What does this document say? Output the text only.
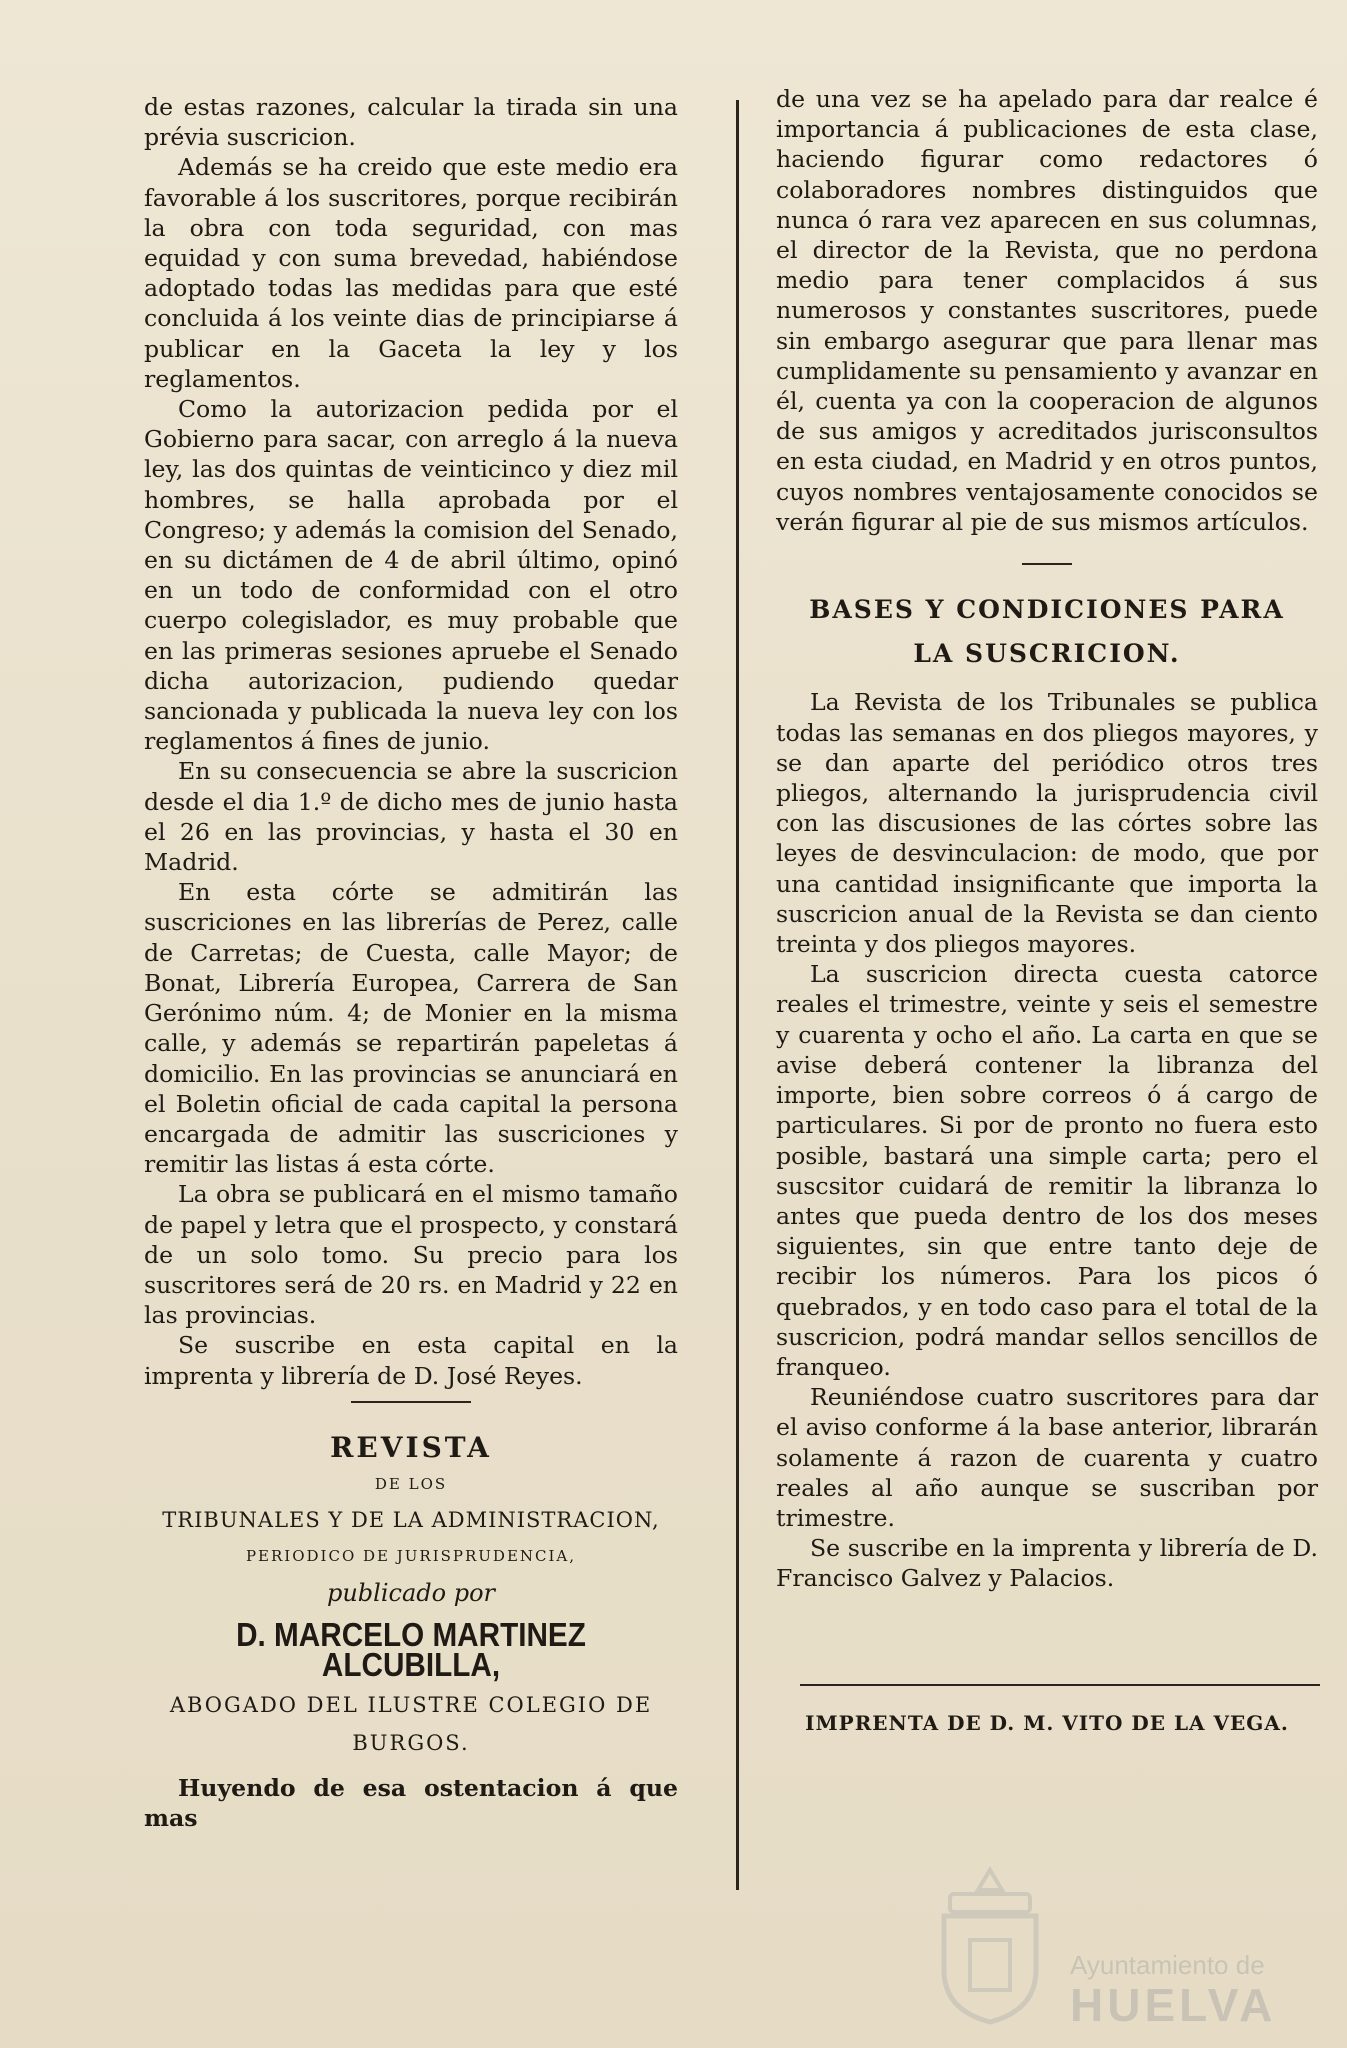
de estas razones, calcular la tirada sin una prévia suscricion.

Además se ha creido que este medio era favorable á los suscritores, porque recibirán la obra con toda seguridad, con mas equidad y con suma brevedad, habiéndose adoptado todas las medidas para que esté concluida á los veinte dias de principiarse á publicar en la Gaceta la ley y los reglamentos.

Como la autorizacion pedida por el Gobierno para sacar, con arreglo á la nueva ley, las dos quintas de veinticinco y diez mil hombres, se halla aprobada por el Congreso; y además la comision del Senado, en su dictámen de 4 de abril último, opinó en un todo de conformidad con el otro cuerpo colegislador, es muy probable que en las primeras sesiones apruebe el Senado dicha autorizacion, pudiendo quedar sancionada y publicada la nueva ley con los reglamentos á fines de junio.

En su consecuencia se abre la suscricion desde el dia 1.º de dicho mes de junio hasta el 26 en las provincias, y hasta el 30 en Madrid.

En esta córte se admitirán las suscriciones en las librerías de Perez, calle de Carretas; de Cuesta, calle Mayor; de Bonat, Librería Europea, Carrera de San Gerónimo núm. 4; de Monier en la misma calle, y además se repartirán papeletas á domicilio. En las provincias se anunciará en el Boletin oficial de cada capital la persona encargada de admitir las suscriciones y remitir las listas á esta córte.

La obra se publicará en el mismo tamaño de papel y letra que el prospecto, y constará de un solo tomo. Su precio para los suscritores será de 20 rs. en Madrid y 22 en las provincias.

Se suscribe en esta capital en la imprenta y librería de D. José Reyes.

REVISTA
DE LOS
TRIBUNALES Y DE LA ADMINISTRACION,
PERIODICO DE JURISPRUDENCIA,
publicado por
D. MARCELO MARTINEZ ALCUBILLA,
ABOGADO DEL ILUSTRE COLEGIO DE
BURGOS.

Huyendo de esa ostentacion á que mas

de una vez se ha apelado para dar realce é importancia á publicaciones de esta clase, haciendo figurar como redactores ó colaboradores nombres distinguidos que nunca ó rara vez aparecen en sus columnas, el director de la Revista, que no perdona medio para tener complacidos á sus numerosos y constantes suscritores, puede sin embargo asegurar que para llenar mas cumplidamente su pensamiento y avanzar en él, cuenta ya con la cooperacion de algunos de sus amigos y acreditados jurisconsultos en esta ciudad, en Madrid y en otros puntos, cuyos nombres ventajosamente conocidos se verán figurar al pie de sus mismos artículos.

BASES Y CONDICIONES PARA
LA SUSCRICION.

La Revista de los Tribunales se publica todas las semanas en dos pliegos mayores, y se dan aparte del periódico otros tres pliegos, alternando la jurisprudencia civil con las discusiones de las córtes sobre las leyes de desvinculacion: de modo, que por una cantidad insignificante que importa la suscricion anual de la Revista se dan ciento treinta y dos pliegos mayores.

La suscricion directa cuesta catorce reales el trimestre, veinte y seis el semestre y cuarenta y ocho el año. La carta en que se avise deberá contener la libranza del importe, bien sobre correos ó á cargo de particulares. Si por de pronto no fuera esto posible, bastará una simple carta; pero el suscsitor cuidará de remitir la libranza lo antes que pueda dentro de los dos meses siguientes, sin que entre tanto deje de recibir los números. Para los picos ó quebrados, y en todo caso para el total de la suscricion, podrá mandar sellos sencillos de franqueo.

Reuniéndose cuatro suscritores para dar el aviso conforme á la base anterior, librarán solamente á razon de cuarenta y cuatro reales al año aunque se suscriban por trimestre.

Se suscribe en la imprenta y librería de D. Francisco Galvez y Palacios.

IMPRENTA DE D. M. VITO DE LA VEGA.
Ayuntamiento de
HUELVA
